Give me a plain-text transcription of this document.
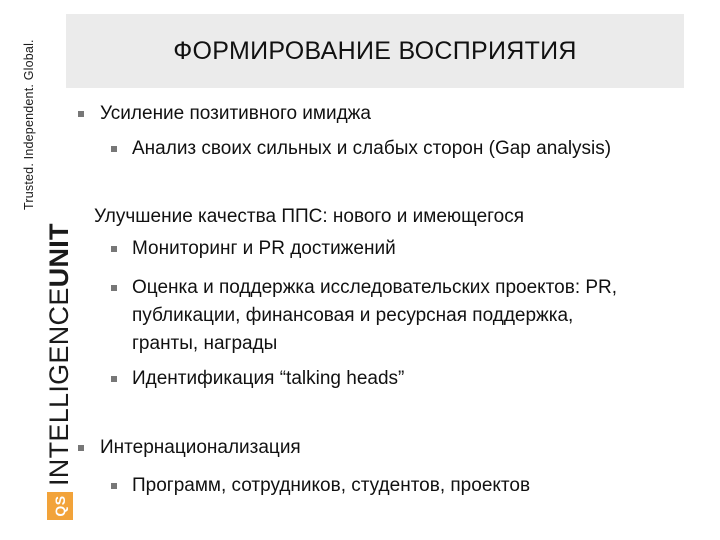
Trusted. Independent. Global.
QS
INTELLIGENCE
UNIT
ФОРМИРОВАНИЕ ВОСПРИЯТИЯ
Усиление позитивного имиджа
Анализ своих сильных и слабых сторон (Gap analysis)
Улучшение качества ППС: нового и имеющегося
Мониторинг и PR достижений
Оценка и поддержка исследовательских проектов: PR,
публикации, финансовая и ресурсная поддержка,
гранты, награды
Идентификация “talking heads”
Интернационализация
Программ, сотрудников, студентов, проектов
